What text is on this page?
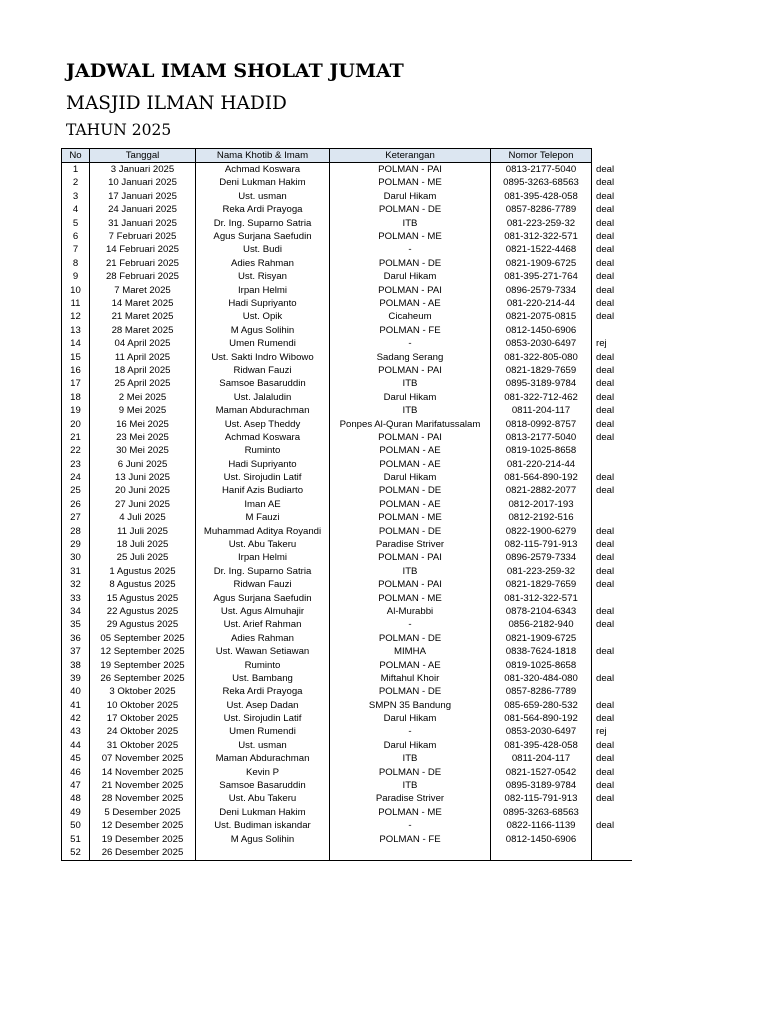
JADWAL IMAM SHOLAT JUMAT
MASJID ILMAN HADID
TAHUN 2025
No	Tanggal	Nama Khotib & Imam	Keterangan	Nomor Telepon	
1	3 Januari 2025	Achmad Koswara	POLMAN - PAI	0813-2177-5040	deal
2	10 Januari 2025	Deni Lukman Hakim	POLMAN - ME	0895-3263-68563	deal
3	17 Januari 2025	Ust. usman	Darul Hikam	081-395-428-058	deal
4	24 Januari 2025	Reka Ardi Prayoga	POLMAN - DE	0857-8286-7789	deal
5	31 Januari 2025	Dr. Ing. Suparno Satria	ITB	081-223-259-32	deal
6	7 Februari 2025	Agus Surjana Saefudin	POLMAN - ME	081-312-322-571	deal
7	14 Februari 2025	Ust. Budi	-	0821-1522-4468	deal
8	21 Februari 2025	Adies Rahman	POLMAN - DE	0821-1909-6725	deal
9	28 Februari 2025	Ust. Risyan	Darul Hikam	081-395-271-764	deal
10	7 Maret 2025	Irpan Helmi	POLMAN - PAI	0896-2579-7334	deal
11	14 Maret 2025	Hadi Supriyanto	POLMAN - AE	081-220-214-44	deal
12	21 Maret 2025	Ust. Opik	Cicaheum	0821-2075-0815	deal
13	28 Maret 2025	M Agus Solihin	POLMAN - FE	0812-1450-6906	
14	04 April 2025	Umen Rumendi	-	0853-2030-6497	rej
15	11 April 2025	Ust. Sakti Indro Wibowo	Sadang Serang	081-322-805-080	deal
16	18 April 2025	Ridwan Fauzi	POLMAN - PAI	0821-1829-7659	deal
17	25 April 2025	Samsoe Basaruddin	ITB	0895-3189-9784	deal
18	2 Mei 2025	Ust. Jalaludin	Darul Hikam	081-322-712-462	deal
19	9 Mei 2025	Maman Abdurachman	ITB	0811-204-117	deal
20	16 Mei 2025	Ust. Asep Theddy	Ponpes Al-Quran Marifatussalam	0818-0992-8757	deal
21	23 Mei 2025	Achmad Koswara	POLMAN - PAI	0813-2177-5040	deal
22	30 Mei 2025	Ruminto	POLMAN - AE	0819-1025-8658	
23	6 Juni 2025	Hadi Supriyanto	POLMAN - AE	081-220-214-44	
24	13 Juni 2025	Ust. Sirojudin Latif	Darul Hikam	081-564-890-192	deal
25	20 Juni 2025	Hanif Azis Budiarto	POLMAN - DE	0821-2882-2077	deal
26	27 Juni 2025	Iman AE	POLMAN - AE	0812-2017-193	
27	4 Juli 2025	M Fauzi	POLMAN - ME	0812-2192-516	
28	11 Juli 2025	Muhammad Aditya Royandi	POLMAN - DE	0822-1900-6279	deal
29	18 Juli 2025	Ust. Abu Takeru	Paradise Striver	082-115-791-913	deal
30	25 Juli 2025	Irpan Helmi	POLMAN - PAI	0896-2579-7334	deal
31	1 Agustus 2025	Dr. Ing. Suparno Satria	ITB	081-223-259-32	deal
32	8 Agustus 2025	Ridwan Fauzi	POLMAN - PAI	0821-1829-7659	deal
33	15 Agustus 2025	Agus Surjana Saefudin	POLMAN - ME	081-312-322-571	
34	22 Agustus 2025	Ust. Agus Almuhajir	Al-Murabbi	0878-2104-6343	deal
35	29 Agustus 2025	Ust. Arief Rahman	-	0856-2182-940	deal
36	05 September 2025	Adies Rahman	POLMAN - DE	0821-1909-6725	
37	12 September 2025	Ust. Wawan Setiawan	MIMHA	0838-7624-1818	deal
38	19 September 2025	Ruminto	POLMAN - AE	0819-1025-8658	
39	26 September 2025	Ust. Bambang	Miftahul Khoir	081-320-484-080	deal
40	3 Oktober 2025	Reka Ardi Prayoga	POLMAN - DE	0857-8286-7789	
41	10 Oktober 2025	Ust. Asep Dadan	SMPN 35 Bandung	085-659-280-532	deal
42	17 Oktober 2025	Ust. Sirojudin Latif	Darul Hikam	081-564-890-192	deal
43	24 Oktober 2025	Umen Rumendi	-	0853-2030-6497	rej
44	31 Oktober 2025	Ust. usman	Darul Hikam	081-395-428-058	deal
45	07 November 2025	Maman Abdurachman	ITB	0811-204-117	deal
46	14 November 2025	Kevin P	POLMAN - DE	0821-1527-0542	deal
47	21 November 2025	Samsoe Basaruddin	ITB	0895-3189-9784	deal
48	28 November 2025	Ust. Abu Takeru	Paradise Striver	082-115-791-913	deal
49	5 Desember 2025	Deni Lukman Hakim	POLMAN - ME	0895-3263-68563	
50	12 Desember 2025	Ust. Budiman iskandar	-	0822-1166-1139	deal
51	19 Desember 2025	M Agus Solihin	POLMAN - FE	0812-1450-6906	
52	26 Desember 2025				
